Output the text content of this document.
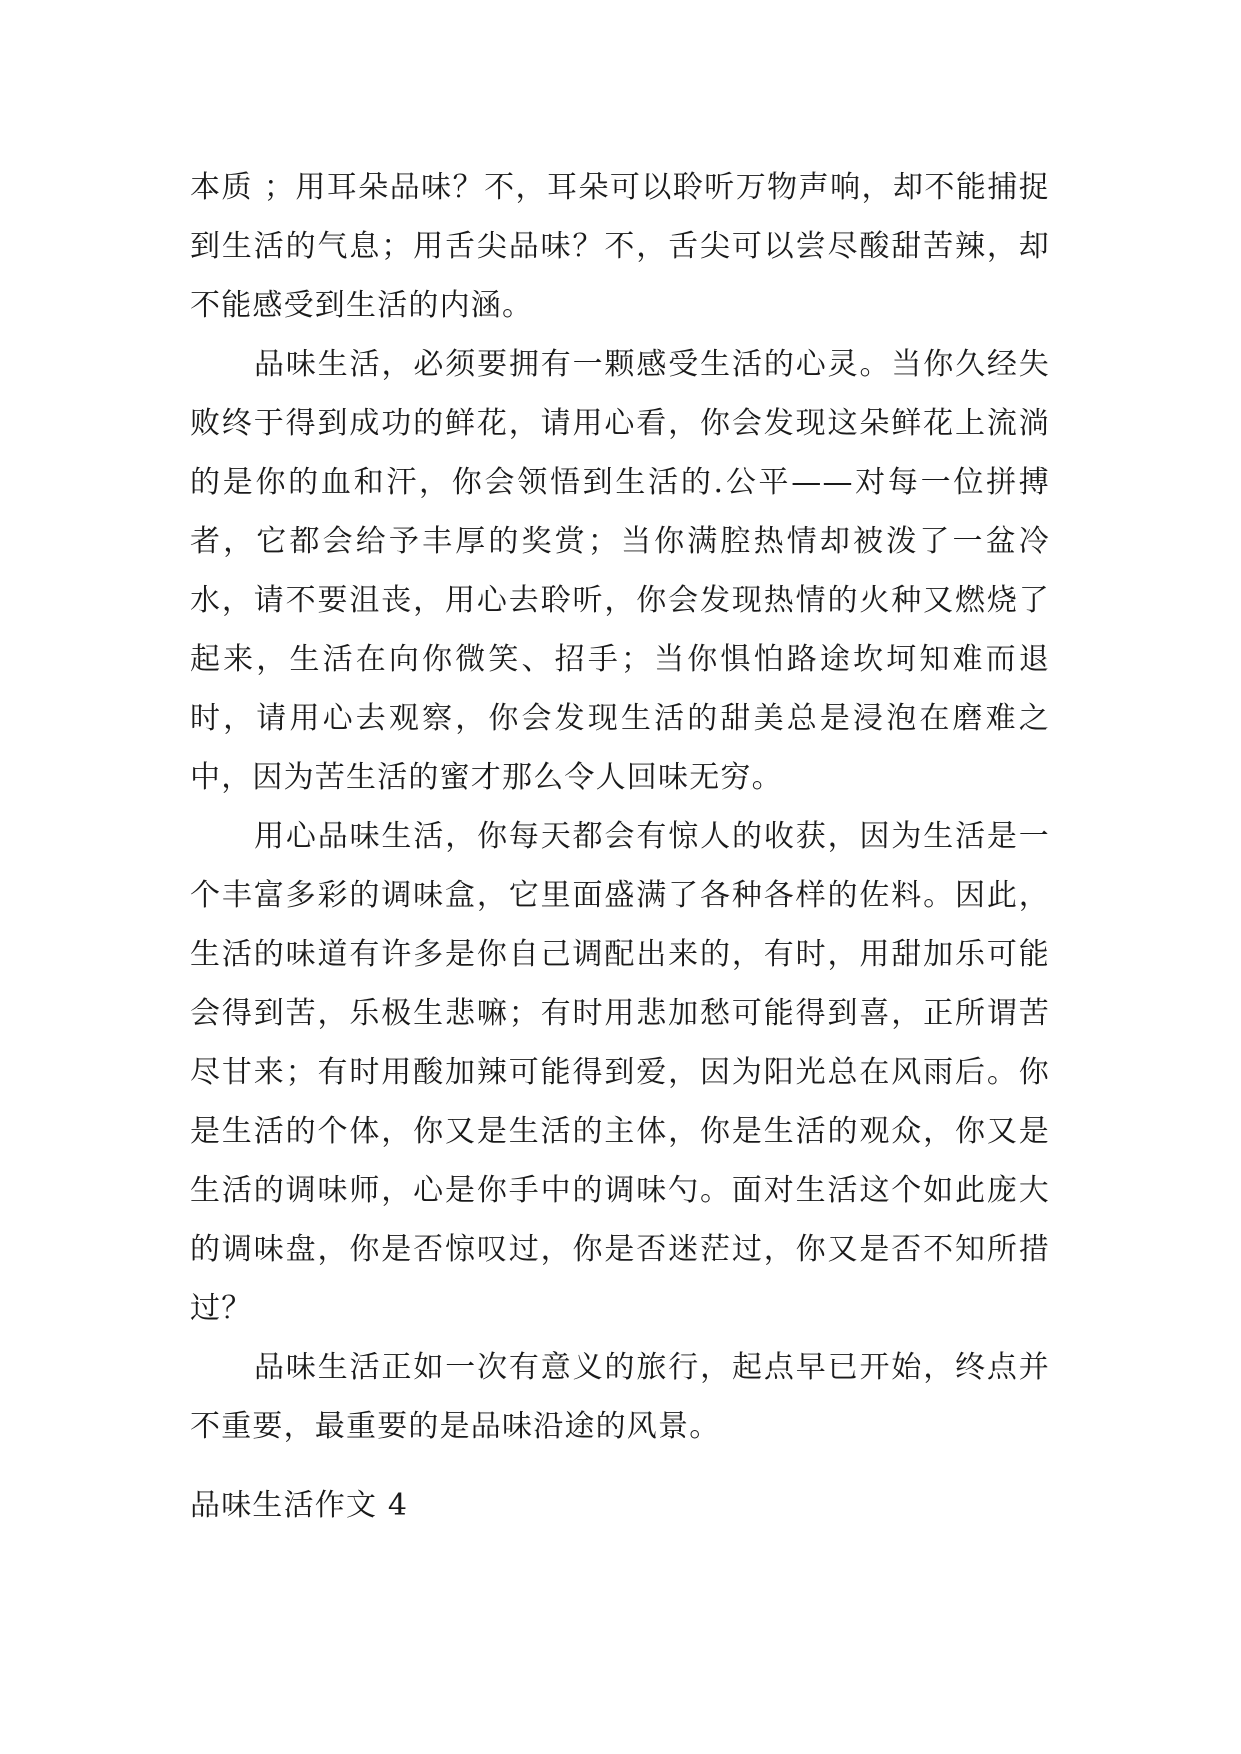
本质 ；用耳朵品味？不，耳朵可以聆听万物声响，却不能捕捉到生活的气息；用舌尖品味？不，舌尖可以尝尽酸甜苦辣，却不能感受到生活的内涵。

品味生活，必须要拥有一颗感受生活的心灵。当你久经失败终于得到成功的鲜花，请用心看，你会发现这朵鲜花上流淌的是你的血和汗，你会领悟到生活的.公平——对每一位拼搏者，它都会给予丰厚的奖赏；当你满腔热情却被泼了一盆冷水，请不要沮丧，用心去聆听，你会发现热情的火种又燃烧了起来，生活在向你微笑、招手；当你惧怕路途坎坷知难而退时，请用心去观察，你会发现生活的甜美总是浸泡在磨难之中，因为苦生活的蜜才那么令人回味无穷。

用心品味生活，你每天都会有惊人的收获，因为生活是一个丰富多彩的调味盒，它里面盛满了各种各样的佐料。因此，生活的味道有许多是你自己调配出来的，有时，用甜加乐可能会得到苦，乐极生悲嘛；有时用悲加愁可能得到喜，正所谓苦尽甘来；有时用酸加辣可能得到爱，因为阳光总在风雨后。你是生活的个体，你又是生活的主体，你是生活的观众，你又是生活的调味师，心是你手中的调味勺。面对生活这个如此庞大的调味盘，你是否惊叹过，你是否迷茫过，你又是否不知所措过？

品味生活正如一次有意义的旅行，起点早已开始，终点并不重要，最重要的是品味沿途的风景。

品味生活作文 4
